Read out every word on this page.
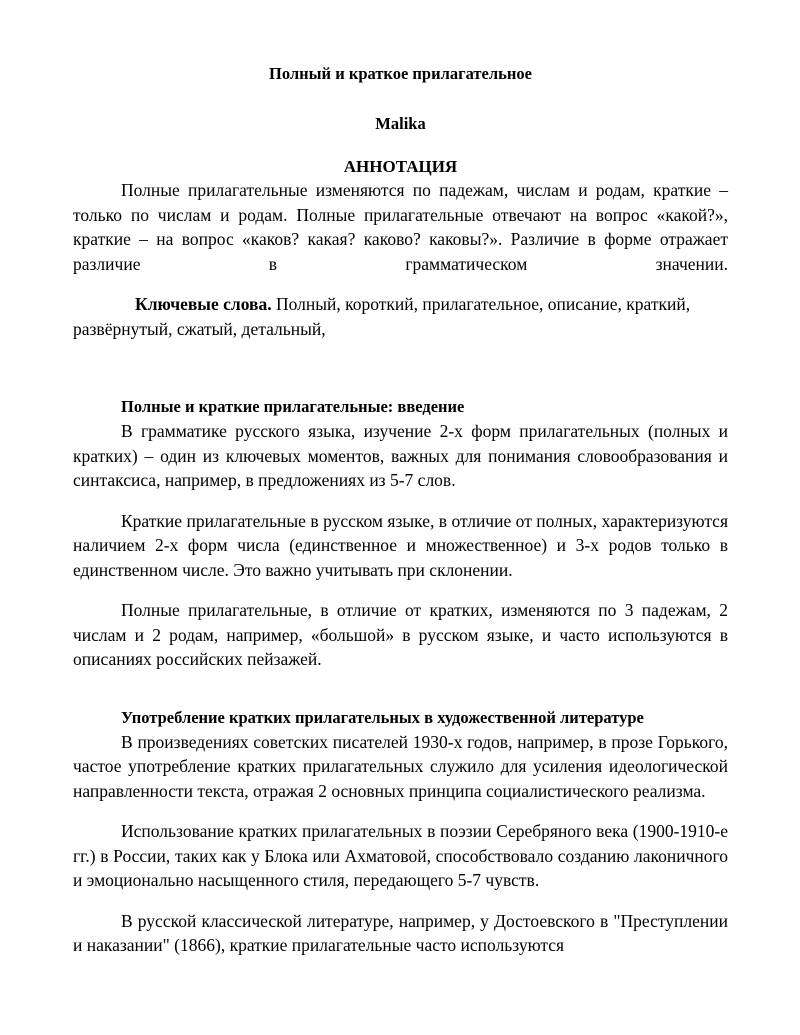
Полный и краткое прилагательное
Malika
АННОТАЦИЯ

Полные прилагательные изменяются по падежам, числам и родам, краткие – только по числам и родам. Полные прилагательные отвечают на вопрос «какой?», краткие – на вопрос «каков? какая? каково? каковы?». Различие в форме отражает различие в грамматическом значении.

Ключевые слова. Полный, короткий, прилагательное, описание, краткий, развёрнутый, сжатый, детальный,

Полные и краткие прилагательные: введение

В грамматике русского языка, изучение 2-х форм прилагательных (полных и кратких) – один из ключевых моментов, важных для понимания словообразования и синтаксиса, например, в предложениях из 5-7 слов.

Краткие прилагательные в русском языке, в отличие от полных, характеризуются наличием 2-х форм числа (единственное и множественное) и 3-х родов только в единственном числе. Это важно учитывать при склонении.

Полные прилагательные, в отличие от кратких, изменяются по 3 падежам, 2 числам и 2 родам, например, «большой» в русском языке, и часто используются в описаниях российских пейзажей.

Употребление кратких прилагательных в художественной литературе

В произведениях советских писателей 1930-х годов, например, в прозе Горького, частое употребление кратких прилагательных служило для усиления идеологической направленности текста, отражая 2 основных принципа социалистического реализма.

Использование кратких прилагательных в поэзии Серебряного века (1900-1910-е гг.) в России, таких как у Блока или Ахматовой, способствовало созданию лаконичного и эмоционально насыщенного стиля, передающего 5-7 чувств.

В русской классической литературе, например, у Достоевского в "Преступлении и наказании" (1866), краткие прилагательные часто используются
